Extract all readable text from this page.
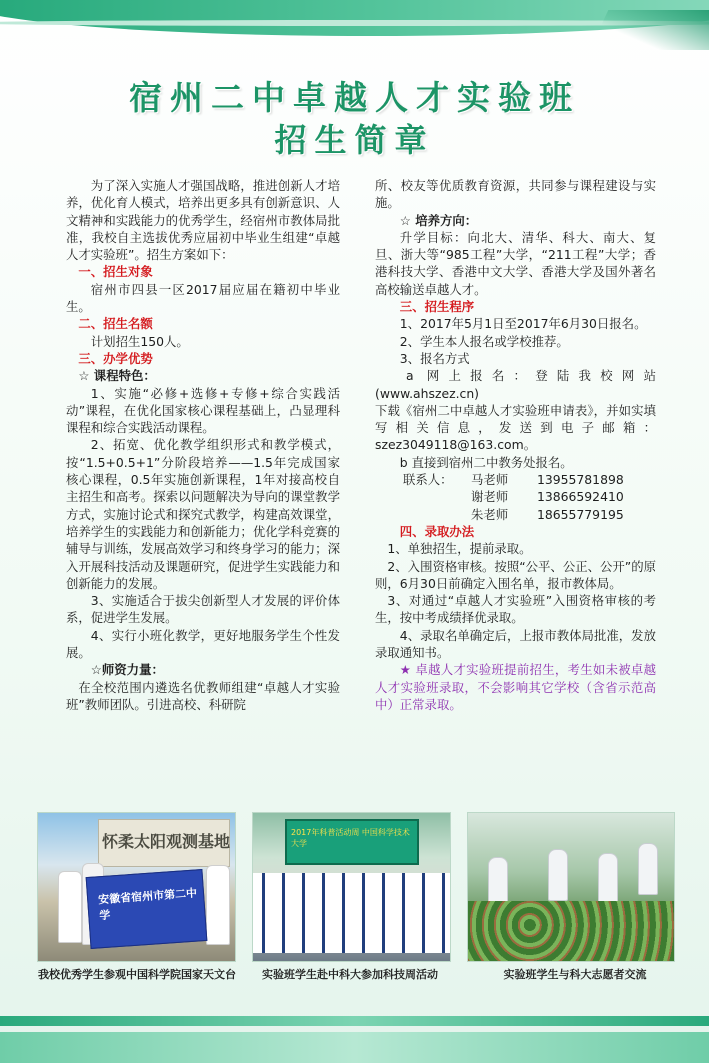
宿州二中卓越人才实验班
招生简章

为了深入实施人才强国战略，推进创新人才培养，优化育人模式，培养出更多具有创新意识、人文精神和实践能力的优秀学生，经宿州市教体局批准，我校自主选拔优秀应届初中毕业生组建“卓越人才实验班”。招生方案如下：

一、招生对象

宿州市四县一区2017届应届在籍初中毕业生。

二、招生名额

计划招生150人。

三、办学优势

☆ 课程特色：

1、实施“必修+选修+专修+综合实践活动”课程，在优化国家核心课程基础上，凸显理科课程和综合实践活动课程。

2、拓宽、优化教学组织形式和教学模式，按“1.5+0.5+1”分阶段培养——1.5年完成国家核心课程，0.5年实施创新课程，1年对接高校自主招生和高考。探索以问题解决为导向的课堂教学方式，实施讨论式和探究式教学，构建高效课堂，培养学生的实践能力和创新能力；优化学科竞赛的辅导与训练，发展高效学习和终身学习的能力；深入开展科技活动及课题研究，促进学生实践能力和创新能力的发展。

3、实施适合于拔尖创新型人才发展的评价体系，促进学生发展。

4、实行小班化教学，更好地服务学生个性发展。

☆师资力量：

在全校范围内遴选名优教师组建“卓越人才实验班”教师团队。引进高校、科研院

所、校友等优质教育资源，共同参与课程建设与实施。

☆ 培养方向：

升学目标：向北大、清华、科大、南大、复旦、浙大等“985工程”大学，“211工程”大学；香港科技大学、香港中文大学、香港大学及国外著名高校输送卓越人才。

三、招生程序

1、2017年5月1日至2017年6月30日报名。

2、学生本人报名或学校推荐。

3、报名方式

a 网上报名：登陆我校网站(www.ahszez.cn)

下载《宿州二中卓越人才实验班申请表》，并如实填写相关信息，发送到电子邮箱：szez3049118@163.com。

b 直接到宿州二中教务处报名。

联系人：	马老师	13955781898
谢老师	13866592410
朱老师	18655779195

四、录取办法

1、单独招生，提前录取。

2、入围资格审核。按照“公平、公正、公开”的原则，6月30日前确定入围名单，报市教体局。

3、对通过“卓越人才实验班”入围资格审核的考生，按中考成绩择优录取。

4、录取名单确定后，上报市教体局批准，发放录取通知书。

★ 卓越人才实验班提前招生，考生如未被卓越人才实验班录取，不会影响其它学校（含省示范高中）正常录取。

怀柔太阳观测基地
安徽省宿州市第二中学
2017年科普活动周 中国科学技术大学
我校优秀学生参观中国科学院国家天文台	实验班学生赴中科大参加科技周活动	实验班学生与科大志愿者交流
